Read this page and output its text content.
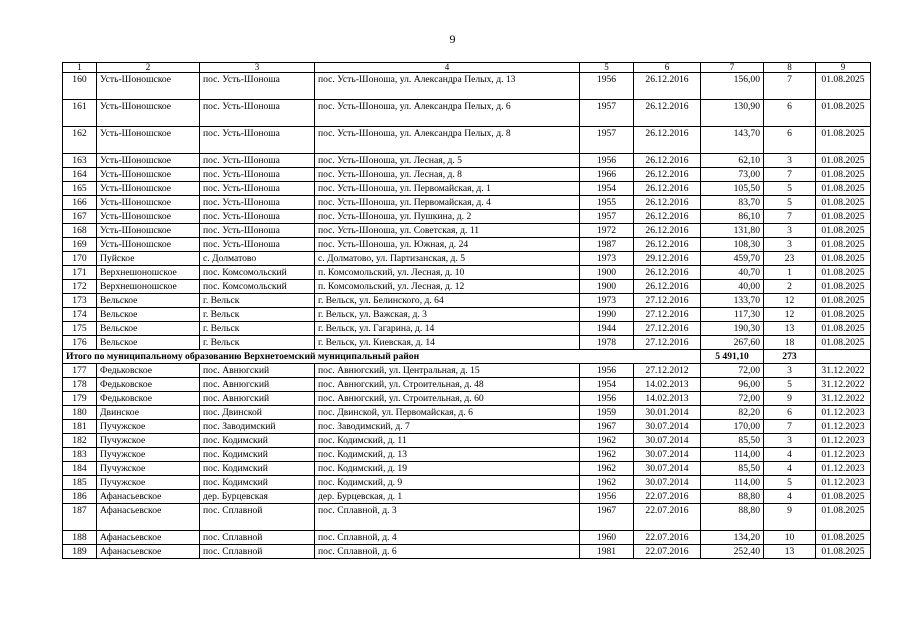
9
1	2	3	4	5	6	7	8	9
160	Усть-Шоношское	пос. Усть-Шоноша	пос. Усть-Шоноша, ул. Александра Пелых, д. 13	1956	26.12.2016	156,00	7	01.08.2025
161	Усть-Шоношское	пос. Усть-Шоноша	пос. Усть-Шоноша, ул. Александра Пелых, д. 6	1957	26.12.2016	130,90	6	01.08.2025
162	Усть-Шоношское	пос. Усть-Шоноша	пос. Усть-Шоноша, ул. Александра Пелых, д. 8	1957	26.12.2016	143,70	6	01.08.2025
163	Усть-Шоношское	пос. Усть-Шоноша	пос. Усть-Шоноша, ул. Лесная, д. 5	1956	26.12.2016	62,10	3	01.08.2025
164	Усть-Шоношское	пос. Усть-Шоноша	пос. Усть-Шоноша, ул. Лесная, д. 8	1966	26.12.2016	73,00	7	01.08.2025
165	Усть-Шоношское	пос. Усть-Шоноша	пос. Усть-Шоноша, ул. Первомайская, д. 1	1954	26.12.2016	105,50	5	01.08.2025
166	Усть-Шоношское	пос. Усть-Шоноша	пос. Усть-Шоноша, ул. Первомайская, д. 4	1955	26.12.2016	83,70	5	01.08.2025
167	Усть-Шоношское	пос. Усть-Шоноша	пос. Усть-Шоноша, ул. Пушкина, д. 2	1957	26.12.2016	86,10	7	01.08.2025
168	Усть-Шоношское	пос. Усть-Шоноша	пос. Усть-Шоноша, ул. Советская, д. 11	1972	26.12.2016	131,80	3	01.08.2025
169	Усть-Шоношское	пос. Усть-Шоноша	пос. Усть-Шоноша, ул. Южная, д. 24	1987	26.12.2016	108,30	3	01.08.2025
170	Пуйское	с. Долматово	с. Долматово, ул. Партизанская, д. 5	1973	29.12.2016	459,70	23	01.08.2025
171	Верхнешоношское	пос. Комсомольский	п. Комсомольский, ул. Лесная, д. 10	1900	26.12.2016	40,70	1	01.08.2025
172	Верхнешоношское	пос. Комсомольский	п. Комсомольский, ул. Лесная, д. 12	1900	26.12.2016	40,00	2	01.08.2025
173	Вельское	г. Вельск	г. Вельск, ул. Белинского, д. 64	1973	27.12.2016	133,70	12	01.08.2025
174	Вельское	г. Вельск	г. Вельск, ул. Важская, д. 3	1990	27.12.2016	117,30	12	01.08.2025
175	Вельское	г. Вельск	г. Вельск, ул. Гагарина, д. 14	1944	27.12.2016	190,30	13	01.08.2025
176	Вельское	г. Вельск	г. Вельск, ул. Киевская, д. 14	1978	27.12.2016	267,60	18	01.08.2025
Итого по муниципальному образованию Верхнетоемский муниципальный район						5 491,10	273	
177	Федьковское	пос. Авнюгский	пос. Авнюгский, ул. Центральная, д. 15	1956	27.12.2012	72,00	3	31.12.2022
178	Федьковское	пос. Авнюгский	пос. Авнюгский, ул. Строительная, д. 48	1954	14.02.2013	96,00	5	31.12.2022
179	Федьковское	пос. Авнюгский	пос. Авнюгский, ул. Строительная, д. 60	1956	14.02.2013	72,00	9	31.12.2022
180	Двинское	пос. Двинской	пос. Двинской, ул. Первомайская, д. 6	1959	30.01.2014	82,20	6	01.12.2023
181	Пучужское	пос. Заводимский	пос. Заводимский, д. 7	1967	30.07.2014	170,00	7	01.12.2023
182	Пучужское	пос. Кодимский	пос. Кодимский, д. 11	1962	30.07.2014	85,50	3	01.12.2023
183	Пучужское	пос. Кодимский	пос. Кодимский, д. 13	1962	30.07.2014	114,00	4	01.12.2023
184	Пучужское	пос. Кодимский	пос. Кодимский, д. 19	1962	30.07.2014	85,50	4	01.12.2023
185	Пучужское	пос. Кодимский	пос. Кодимский, д. 9	1962	30.07.2014	114,00	5	01.12.2023
186	Афанасьевское	дер. Бурцевская	дер. Бурцевская, д. 1	1956	22.07.2016	88,80	4	01.08.2025
187	Афанасьевское	пос. Сплавной	пос. Сплавной, д. 3	1967	22.07.2016	88,80	9	01.08.2025
188	Афанасьевское	пос. Сплавной	пос. Сплавной, д. 4	1960	22.07.2016	134,20	10	01.08.2025
189	Афанасьевское	пос. Сплавной	пос. Сплавной, д. 6	1981	22.07.2016	252,40	13	01.08.2025
